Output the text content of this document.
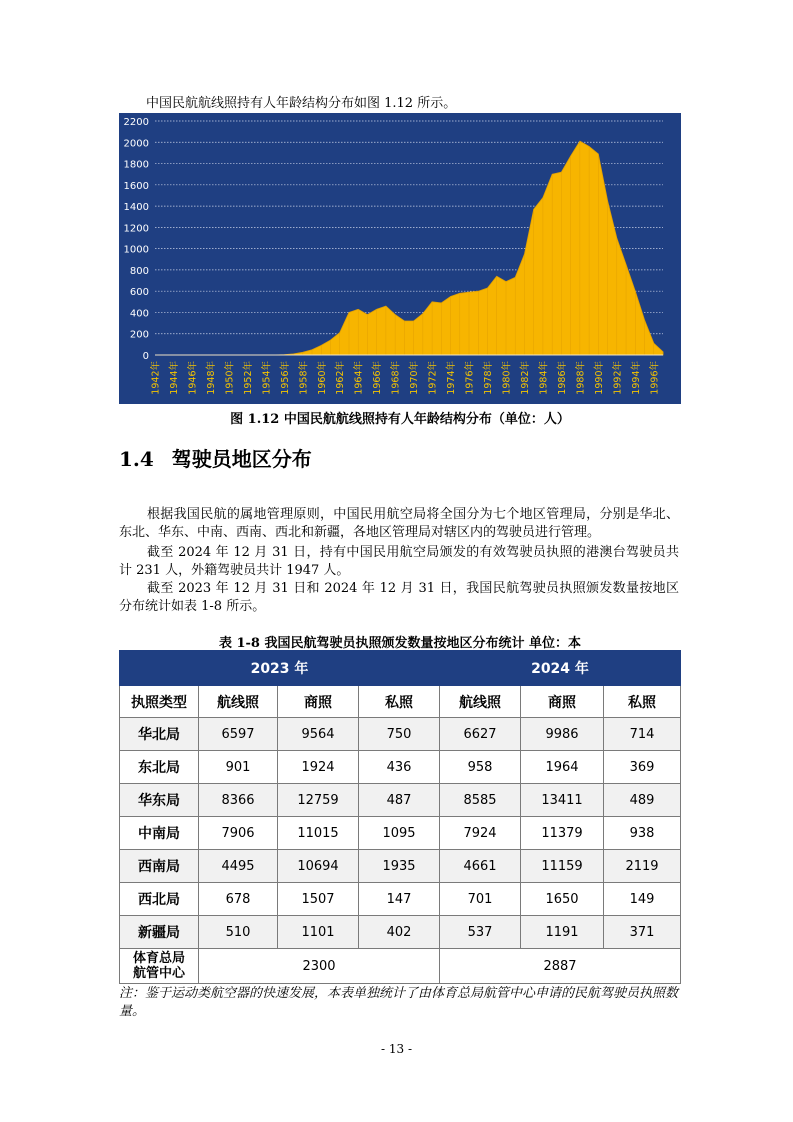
中国民航航线照持有人年龄结构分布如图 1.12 所示。
0
200
400
600
800
1000
1200
1400
1600
1800
2000
2200
1942年 1944年 1946年 1948年 1950年 1952年 1954年 1956年 1958年 1960年 1962年 1964年 1966年 1968年 1970年 1972年 1974年 1976年 1978年 1980年 1982年 1984年 1986年 1988年 1990年 1992年 1994年 1996年
图 1.12 中国民航航线照持有人年龄结构分布（单位：人）
1.4 驾驶员地区分布
根据我国民航的属地管理原则，中国民用航空局将全国分为七个地区管理局，分别是华北、东北、华东、中南、西南、西北和新疆，各地区管理局对辖区内的驾驶员进行管理。
截至 2024 年 12 月 31 日，持有中国民用航空局颁发的有效驾驶员执照的港澳台驾驶员共计 231 人，外籍驾驶员共计 1947 人。
截至 2023 年 12 月 31 日和 2024 年 12 月 31 日，我国民航驾驶员执照颁发数量按地区分布统计如表 1-8 所示。
表 1-8 我国民航驾驶员执照颁发数量按地区分布统计 单位：本
2023 年				2024 年		
执照类型	航线照	商照	私照	航线照	商照	私照
华北局	6597	9564	750	6627	9986	714
东北局	901	1924	436	958	1964	369
华东局	8366	12759	487	8585	13411	489
中南局	7906	11015	1095	7924	11379	938
西南局	4495	10694	1935	4661	11159	2119
西北局	678	1507	147	701	1650	149
新疆局	510	1101	402	537	1191	371

体育总局
航管中心	2300			2887		
注：鉴于运动类航空器的快速发展，本表单独统计了由体育总局航管中心申请的民航驾驶员执照数量。
- 13 -
